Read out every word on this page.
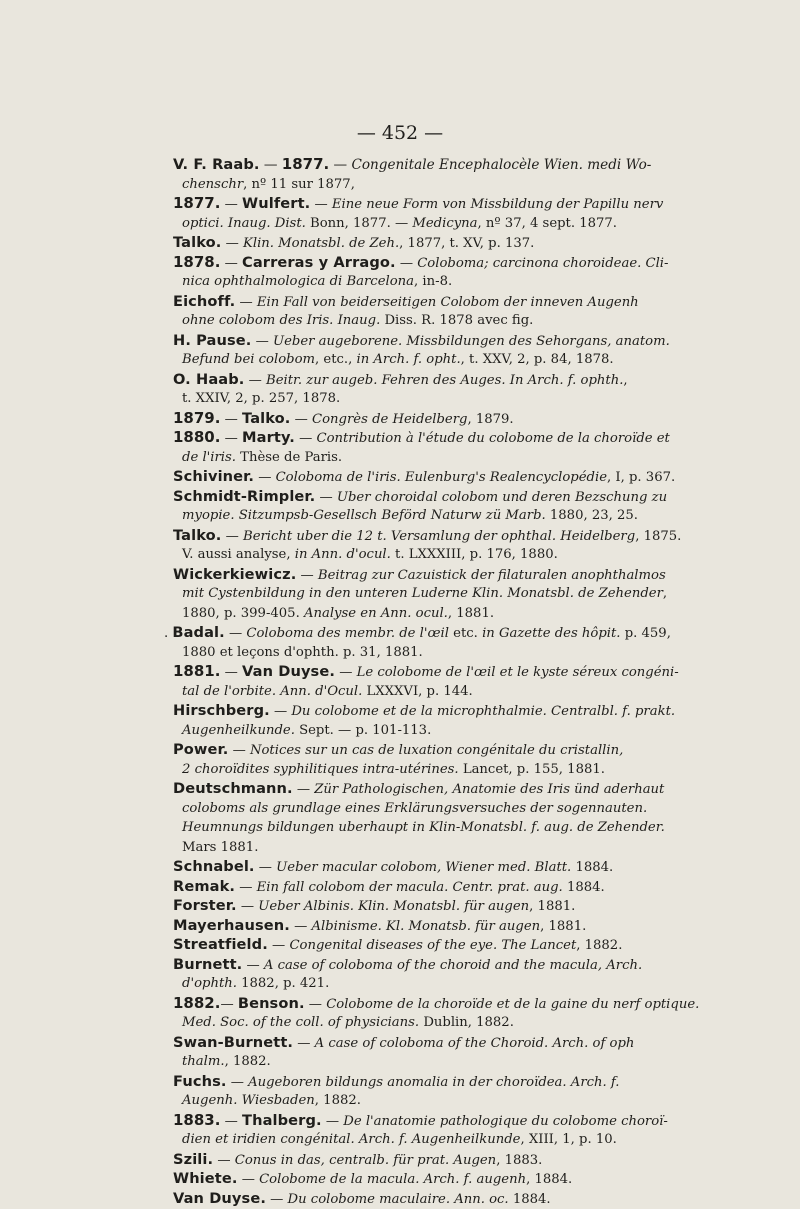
— 452 —
V. F. Raab. — 1877. — Congenitale Encephalocèle Wien. medi Wo-
chenschr, nº 11 sur 1877,
1877. — Wulfert. — Eine neue Form von Missbildung der Papillu nerv
optici. Inaug. Dist. Bonn, 1877. — Medicyna, nº 37, 4 sept. 1877.
Talko. — Klin. Monatsbl. de Zeh., 1877, t. XV, p. 137.
1878. — Carreras y Arrago. — Coloboma; carcinona choroideae. Cli-
nica ophthalmologica di Barcelona, in-8.
Eichoff. — Ein Fall von beiderseitigen Colobom der inneven Augenh
ohne colobom des Iris. Inaug. Diss. R. 1878 avec fig.
H. Pause. — Ueber augeborene. Missbildungen des Sehorgans, anatom.
Befund bei colobom, etc., in Arch. f. opht., t. XXV, 2, p. 84, 1878.
O. Haab. — Beitr. zur augeb. Fehren des Auges. In Arch. f. ophth.,
t. XXIV, 2, p. 257, 1878.
1879. — Talko. — Congrès de Heidelberg, 1879.
1880. — Marty. — Contribution à l'étude du colobome de la choroïde et
de l'iris. Thèse de Paris.
Schiviner. — Coloboma de l'iris. Eulenburg's Realencyclopédie, I, p. 367.
Schmidt-Rimpler. — Uber choroidal colobom und deren Bezschung zu
myopie. Sitzumpsb-Gesellsch Beförd Naturw zü Marb. 1880, 23, 25.
Talko. — Bericht uber die 12 t. Versamlung der ophthal. Heidelberg, 1875.
V. aussi analyse, in Ann. d'ocul. t. LXXXIII, p. 176, 1880.
Wickerkiewicz. — Beitrag zur Cazuistick der filaturalen anophthalmos
mit Cystenbildung in den unteren Luderne Klin. Monatsbl. de Zehender,
1880, p. 399-405. Analyse en Ann. ocul., 1881.
. Badal. — Coloboma des membr. de l'œil etc. in Gazette des hôpit. p. 459,
1880 et leçons d'ophth. p. 31, 1881.
1881. — Van Duyse. — Le colobome de l'œil et le kyste séreux congéni-
tal de l'orbite. Ann. d'Ocul. LXXXVI, p. 144.
Hirschberg. — Du colobome et de la microphthalmie. Centralbl. f. prakt.
Augenheilkunde. Sept. — p. 101-113.
Power. — Notices sur un cas de luxation congénitale du cristallin,
2 choroïdites syphilitiques intra-utérines. Lancet, p. 155, 1881.
Deutschmann. — Zür Pathologischen, Anatomie des Iris ünd aderhaut
coloboms als grundlage eines Erklärungsversuches der sogennauten.
Heumnungs bildungen uberhaupt in Klin-Monatsbl. f. aug. de Zehender.
Mars 1881.
Schnabel. — Ueber macular colobom, Wiener med. Blatt. 1884.
Remak. — Ein fall colobom der macula. Centr. prat. aug. 1884.
Forster. — Ueber Albinis. Klin. Monatsbl. für augen, 1881.
Mayerhausen. — Albinisme. Kl. Monatsb. für augen, 1881.
Streatfield. — Congenital diseases of the eye. The Lancet, 1882.
Burnett. — A case of coloboma of the choroid and the macula, Arch.
d'ophth. 1882, p. 421.
1882.— Benson. — Colobome de la choroïde et de la gaine du nerf optique.
Med. Soc. of the coll. of physicians. Dublin, 1882.
Swan-Burnett. — A case of coloboma of the Choroid. Arch. of oph
thalm., 1882.
Fuchs. — Augeboren bildungs anomalia in der choroïdea. Arch. f.
Augenh. Wiesbaden, 1882.
1883. — Thalberg. — De l'anatomie pathologique du colobome choroï-
dien et iridien congénital. Arch. f. Augenheilkunde, XIII, 1, p. 10.
Szili. — Conus in das, centralb. für prat. Augen, 1883.
Whiete. — Colobome de la macula. Arch. f. augenh, 1884.
Van Duyse. — Du colobome maculaire. Ann. oc. 1884.
